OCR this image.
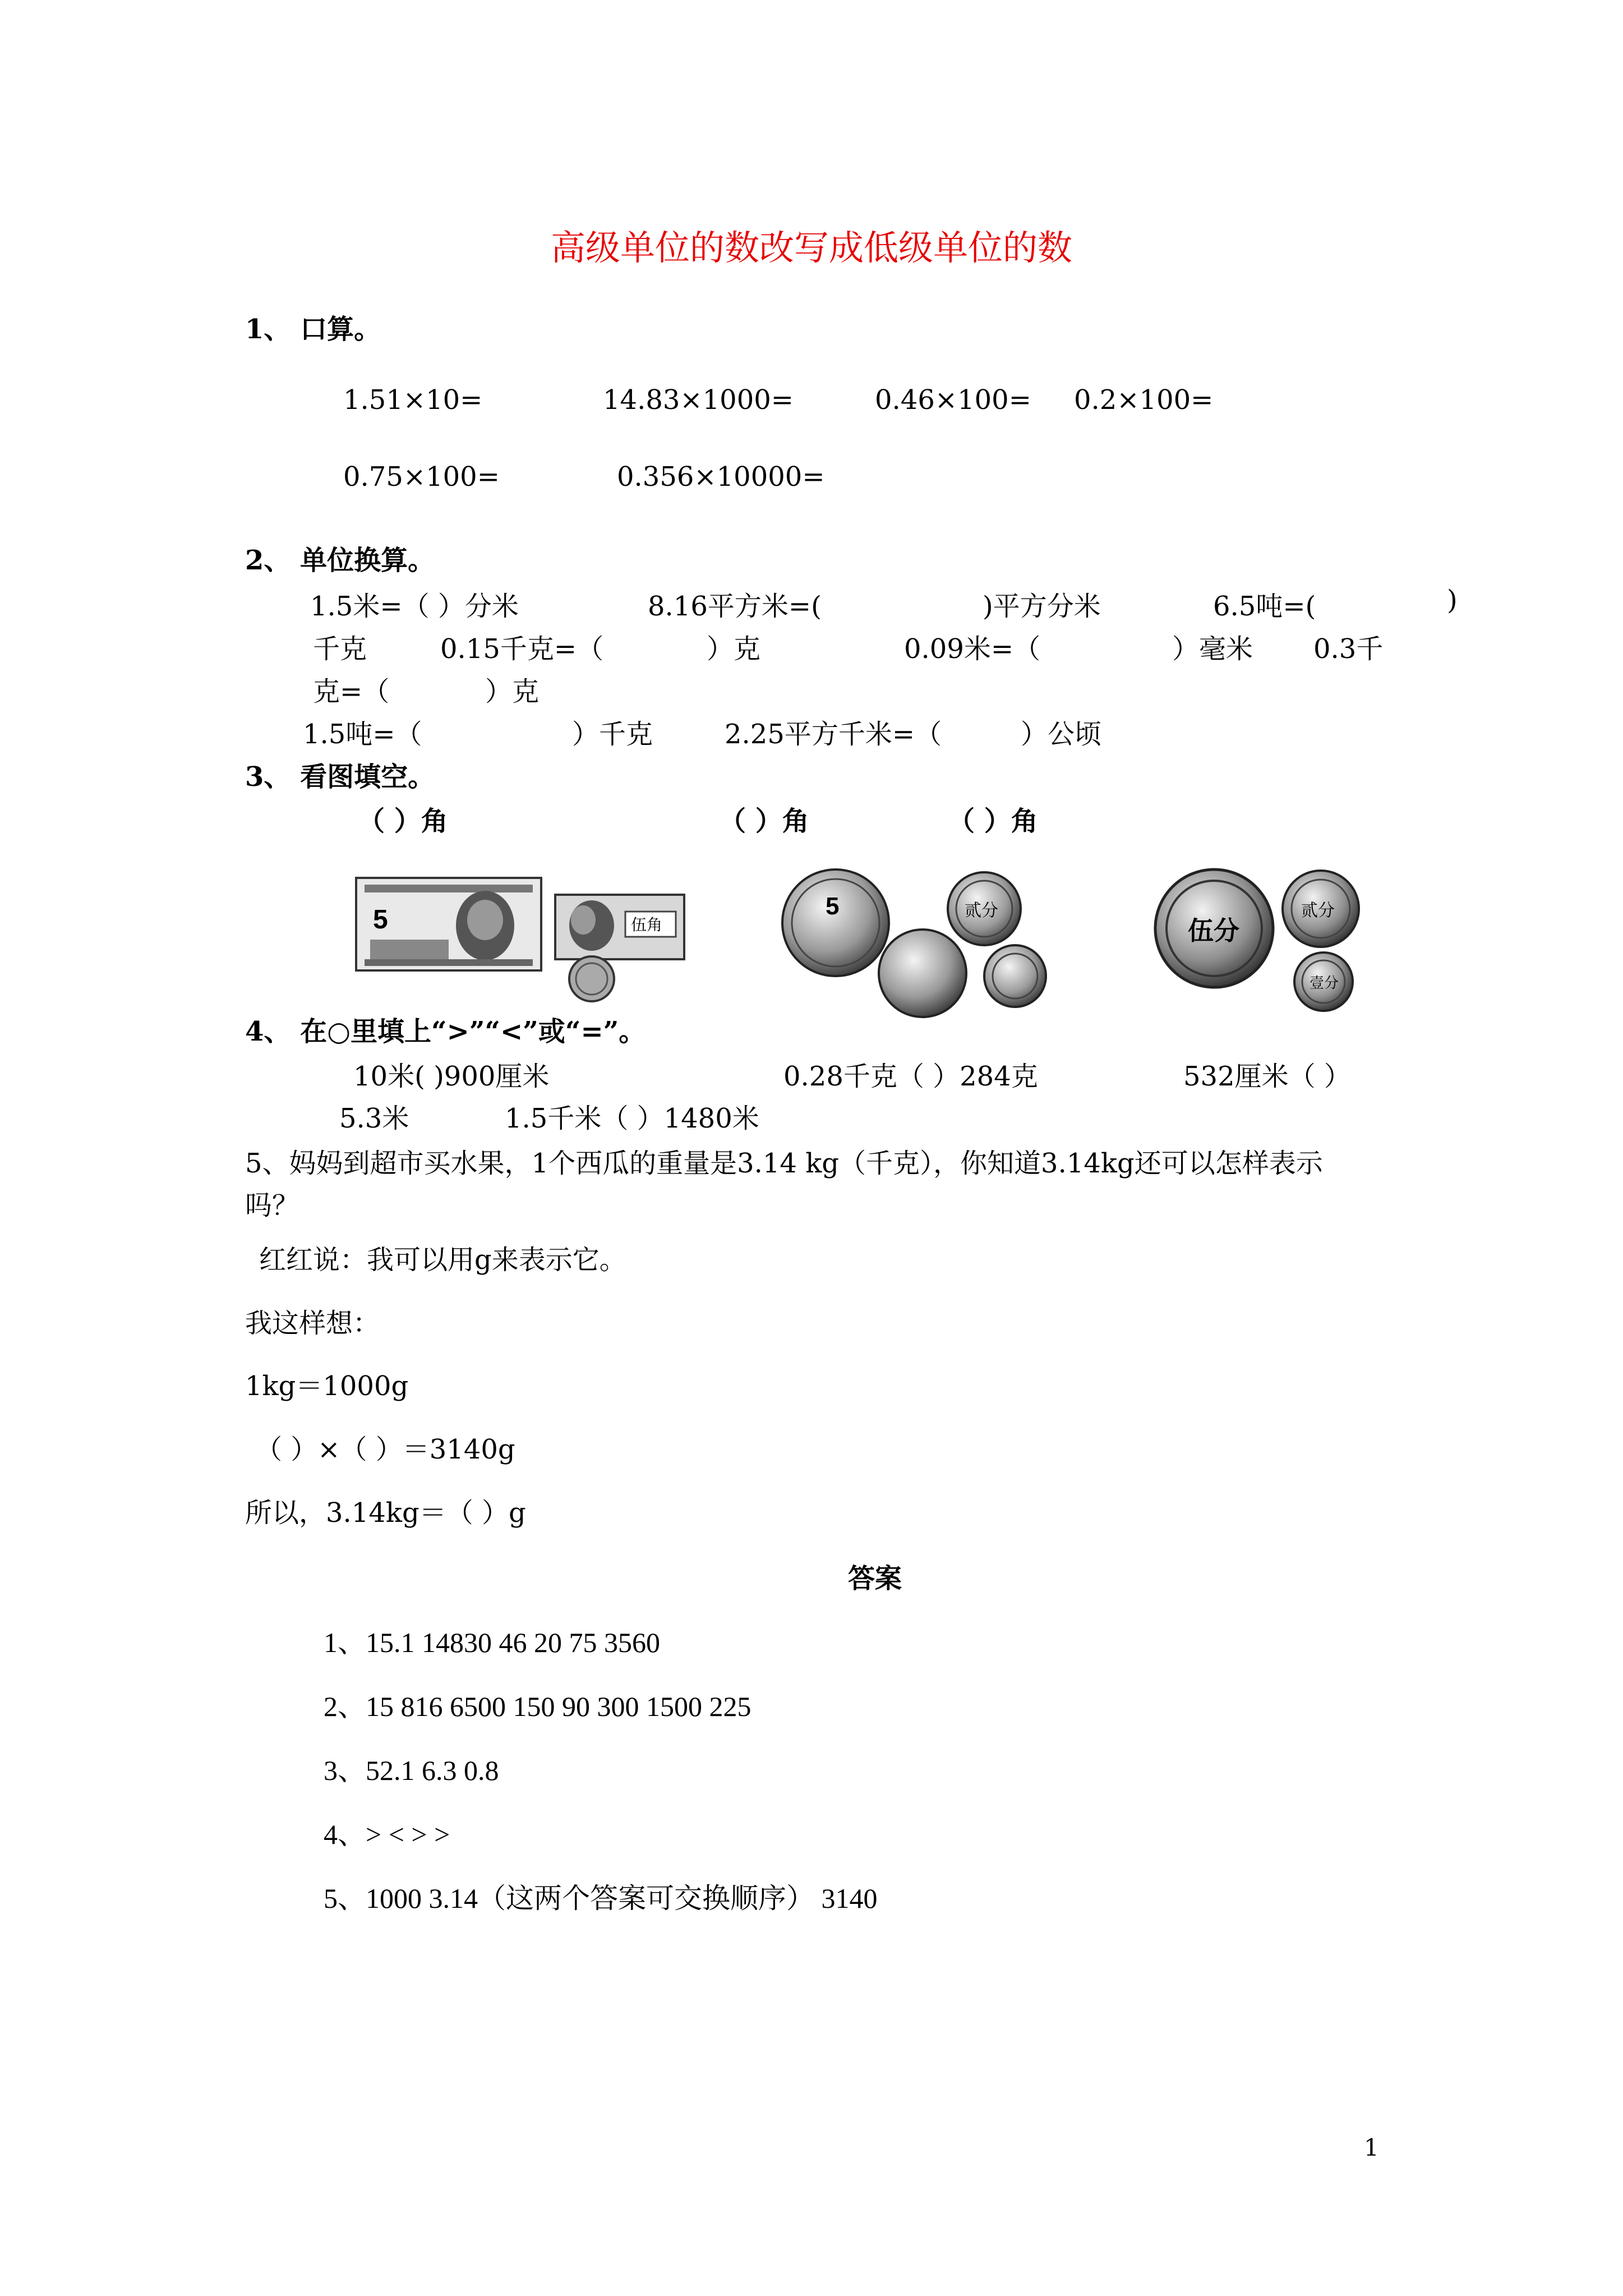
高级单位的数改写成低级单位的数
1、 口算。
1.51×10=	14.83×1000=	0.46×100= 0.2×100=
0.75×100=	0.356×10000=
2、 单位换算。
1.5米=（ ）分米	8.16平方米=(	)平方分米	6.5吨=(	)
千克	0.15千克=（	）克	0.09米=（	）毫米 0.3千
克=（	）克
1.5吨=（	）千克	2.25平方千米=（	）公顷
3、 看图填空。
（ ）角	（ ）角	（ ）角
5	伍角
5	贰分
伍分
贰分
壹分
4、 在○里填上“>”“<”或“=”。
10米( )900厘米	0.28千克（ ）284克	532厘米（ ）
5.3米	1.5千米（ ）1480米
5、妈妈到超市买水果，1个西瓜的重量是3.14 kg（千克），你知道3.14kg还可以怎样表示
吗？
红红说：我可以用g来表示它。
我这样想：
1kg＝1000g
（ ）×（ ）＝3140g
所以，3.14kg＝（ ）g
答案
1、15.1 14830 46 20 75 3560
2、15 816 6500 150 90 300 1500 225
3、52.1 6.3 0.8
4、> < > >
5、1000 3.14（这两个答案可交换顺序） 3140
1
